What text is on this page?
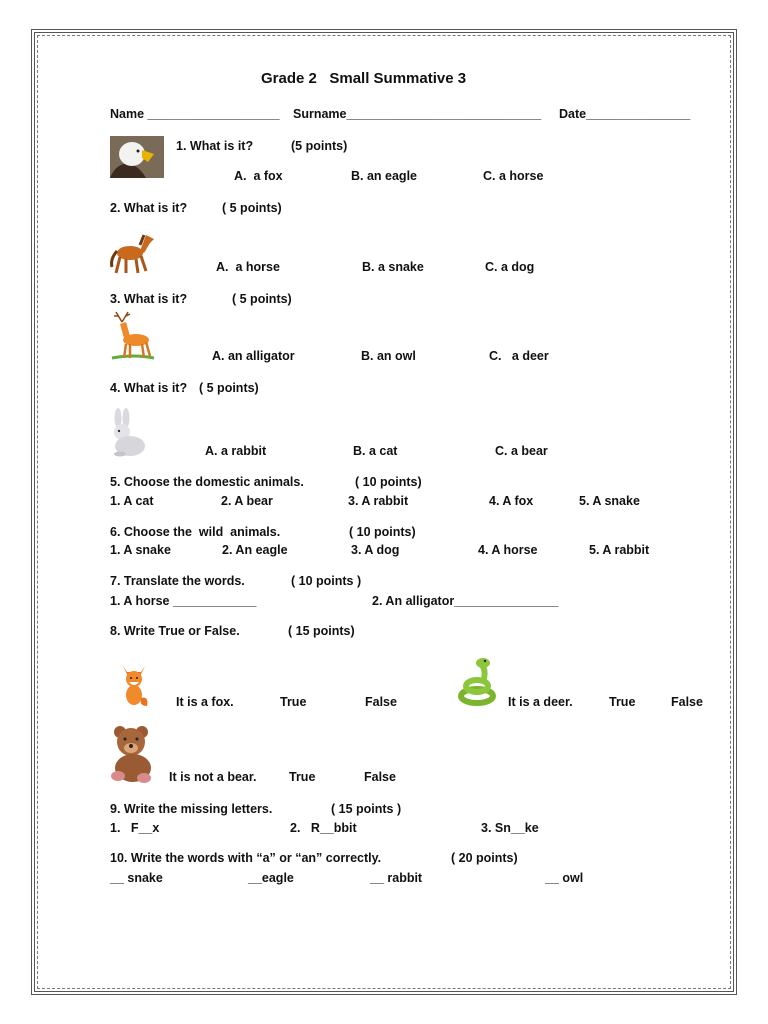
Grade 2   Small Summative 3
Name ___________________ Surname____________________________ Date_______________
1. What is it?	(5 points)
A.  a fox	B. an eagle	C. a horse
2. What is it?	( 5 points)
A.  a horse	B. a snake	C. a dog
3. What is it?	( 5 points)
A. an alligator	B. an owl	C.   a deer
4. What is it? ( 5 points)
A. a rabbit	B. a cat	C. a bear
5. Choose the domestic animals.	( 10 points)
1. A cat	2. A bear	3. A rabbit	4. A fox	5. A snake
6. Choose the  wild  animals.	( 10 points)
1. A snake	2. An eagle	3. A dog	4. A horse	5. A rabbit
7. Translate the words.	( 10 points )
1. A horse ____________	2. An alligator_______________
8. Write True or False.	( 15 points)
It is a fox.	True	False	It is a deer.	True	False
It is not a bear.	True	False
9. Write the missing letters.	( 15 points )
1.   F__x	2.   R__bbit	3. Sn__ke
10. Write the words with “a” or “an” correctly.	( 20 points)
__ snake	__eagle	__ rabbit	__ owl
